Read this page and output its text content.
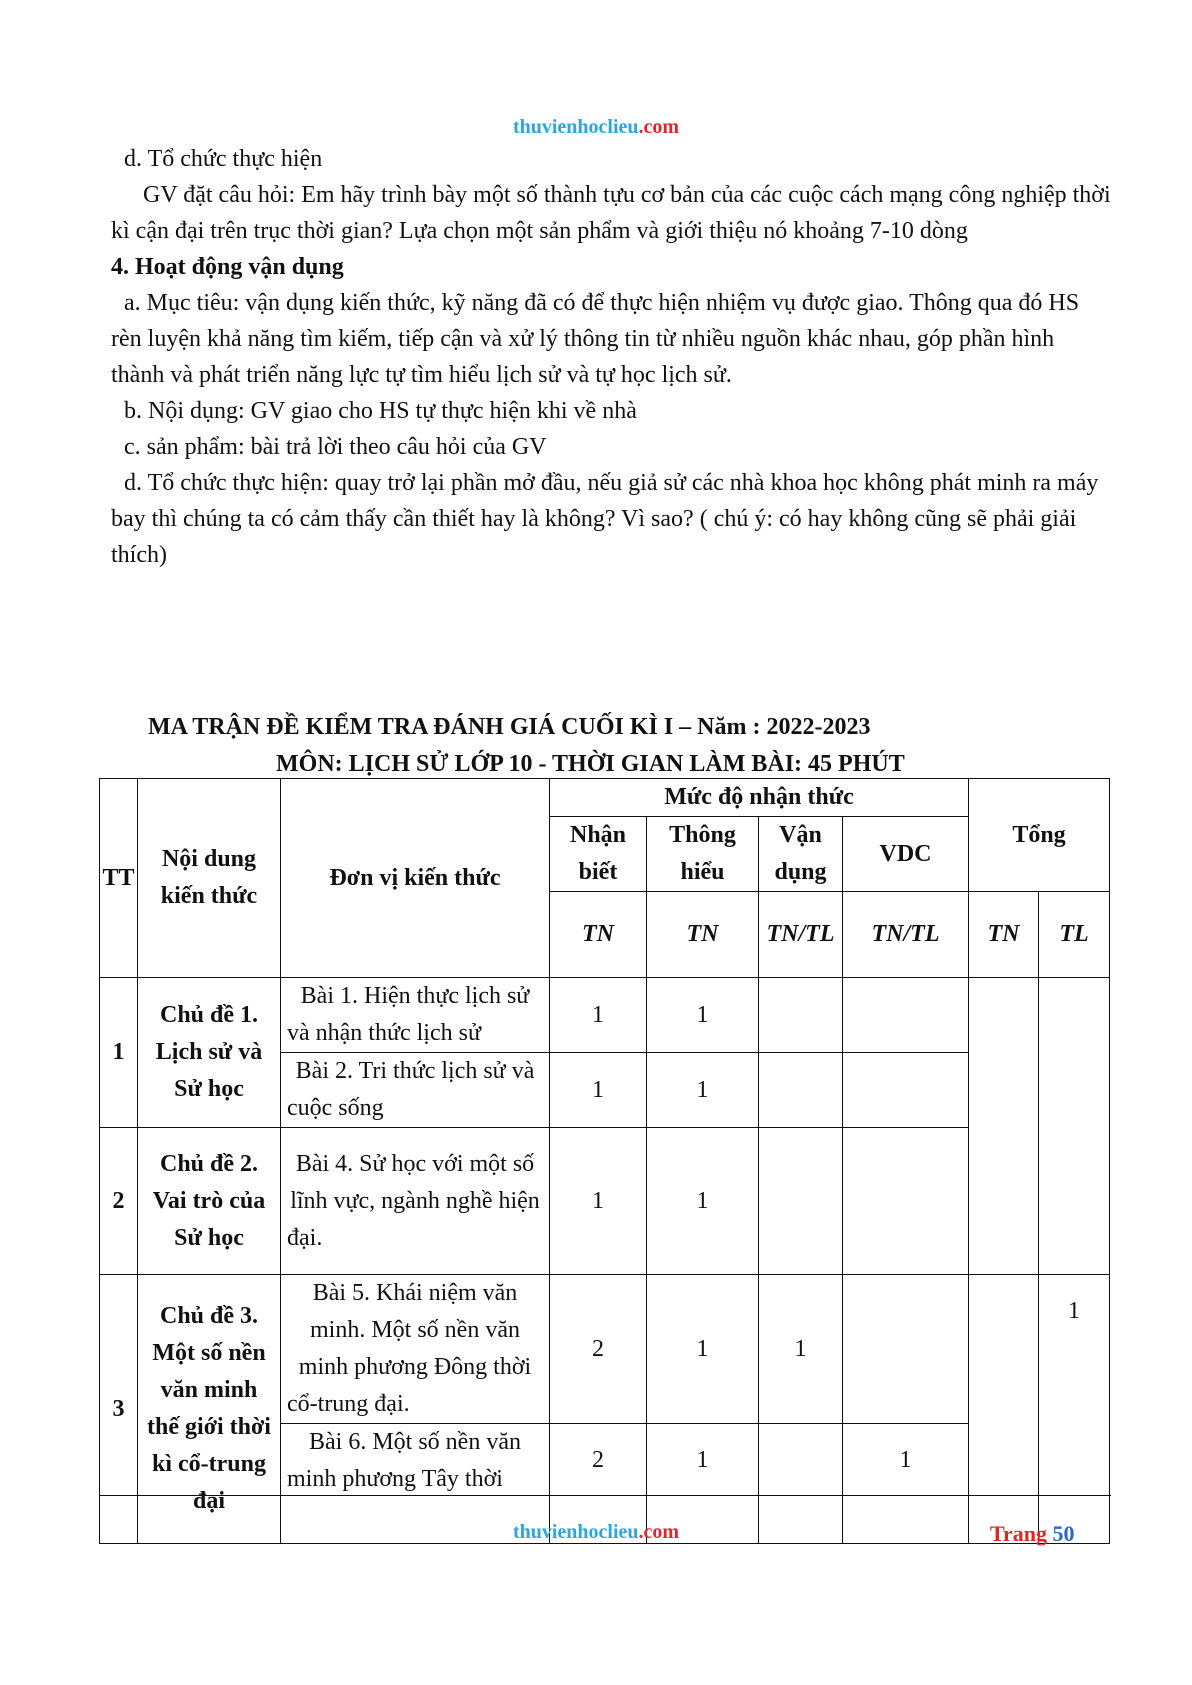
thuvienhoclieu.com

d. Tổ chức thực hiện

GV đặt câu hỏi: Em hãy trình bày một số thành tựu cơ bản của các cuộc cách mạng công nghiệp thời kì cận đại trên trục thời gian? Lựa chọn một sản phẩm và giới thiệu nó khoảng 7-10 dòng

4. Hoạt động vận dụng

a. Mục tiêu: vận dụng kiến thức, kỹ năng đã có để thực hiện nhiệm vụ được giao. Thông qua đó HS rèn luyện khả năng tìm kiếm, tiếp cận và xử lý thông tin từ nhiều nguồn khác nhau, góp phần hình thành và phát triển năng lực tự tìm hiểu lịch sử và tự học lịch sử.

b. Nội dụng: GV giao cho HS tự thực hiện khi về nhà

c. sản phẩm: bài trả lời theo câu hỏi của GV

d. Tổ chức thực hiện: quay trở lại phần mở đầu, nếu giả sử các nhà khoa học không phát minh ra máy bay thì chúng ta có cảm thấy cần thiết hay là không? Vì sao? ( chú ý: có hay không cũng sẽ phải giải thích)

MA TRẬN ĐỀ KIỂM TRA ĐÁNH GIÁ CUỐI KÌ I – Năm : 2022-2023
MÔN: LỊCH SỬ LỚP 10 - THỜI GIAN LÀM BÀI: 45 PHÚT
TT	Nội dung kiến thức	Đơn vị kiến thức	Mức độ nhận thức				Tổng	
			Nhận biết	Thông hiểu	Vận dụng	VDC		
			TN	TN	TN/TL	TN/TL	TN	TL
1	Chủ đề 1. Lịch sử và Sử học	Bài 1. Hiện thực lịch sử và nhận thức lịch sử	1	1				
		Bài 2. Tri thức lịch sử và cuộc sống	1	1				
2	Chủ đề 2. Vai trò của Sử học	Bài 4. Sử học với một số lĩnh vực, ngành nghề hiện đại.	1	1				
3	Chủ đề 3. Một số nền văn minh thế giới thời kì cổ-trung đại	Bài 5. Khái niệm văn minh. Một số nền văn minh phương Đông thời cổ-trung đại.	2	1	1			1
		Bài 6. Một số nền văn minh phương Tây thời	2	1		1		
thuvienhoclieu.com	Trang 50
